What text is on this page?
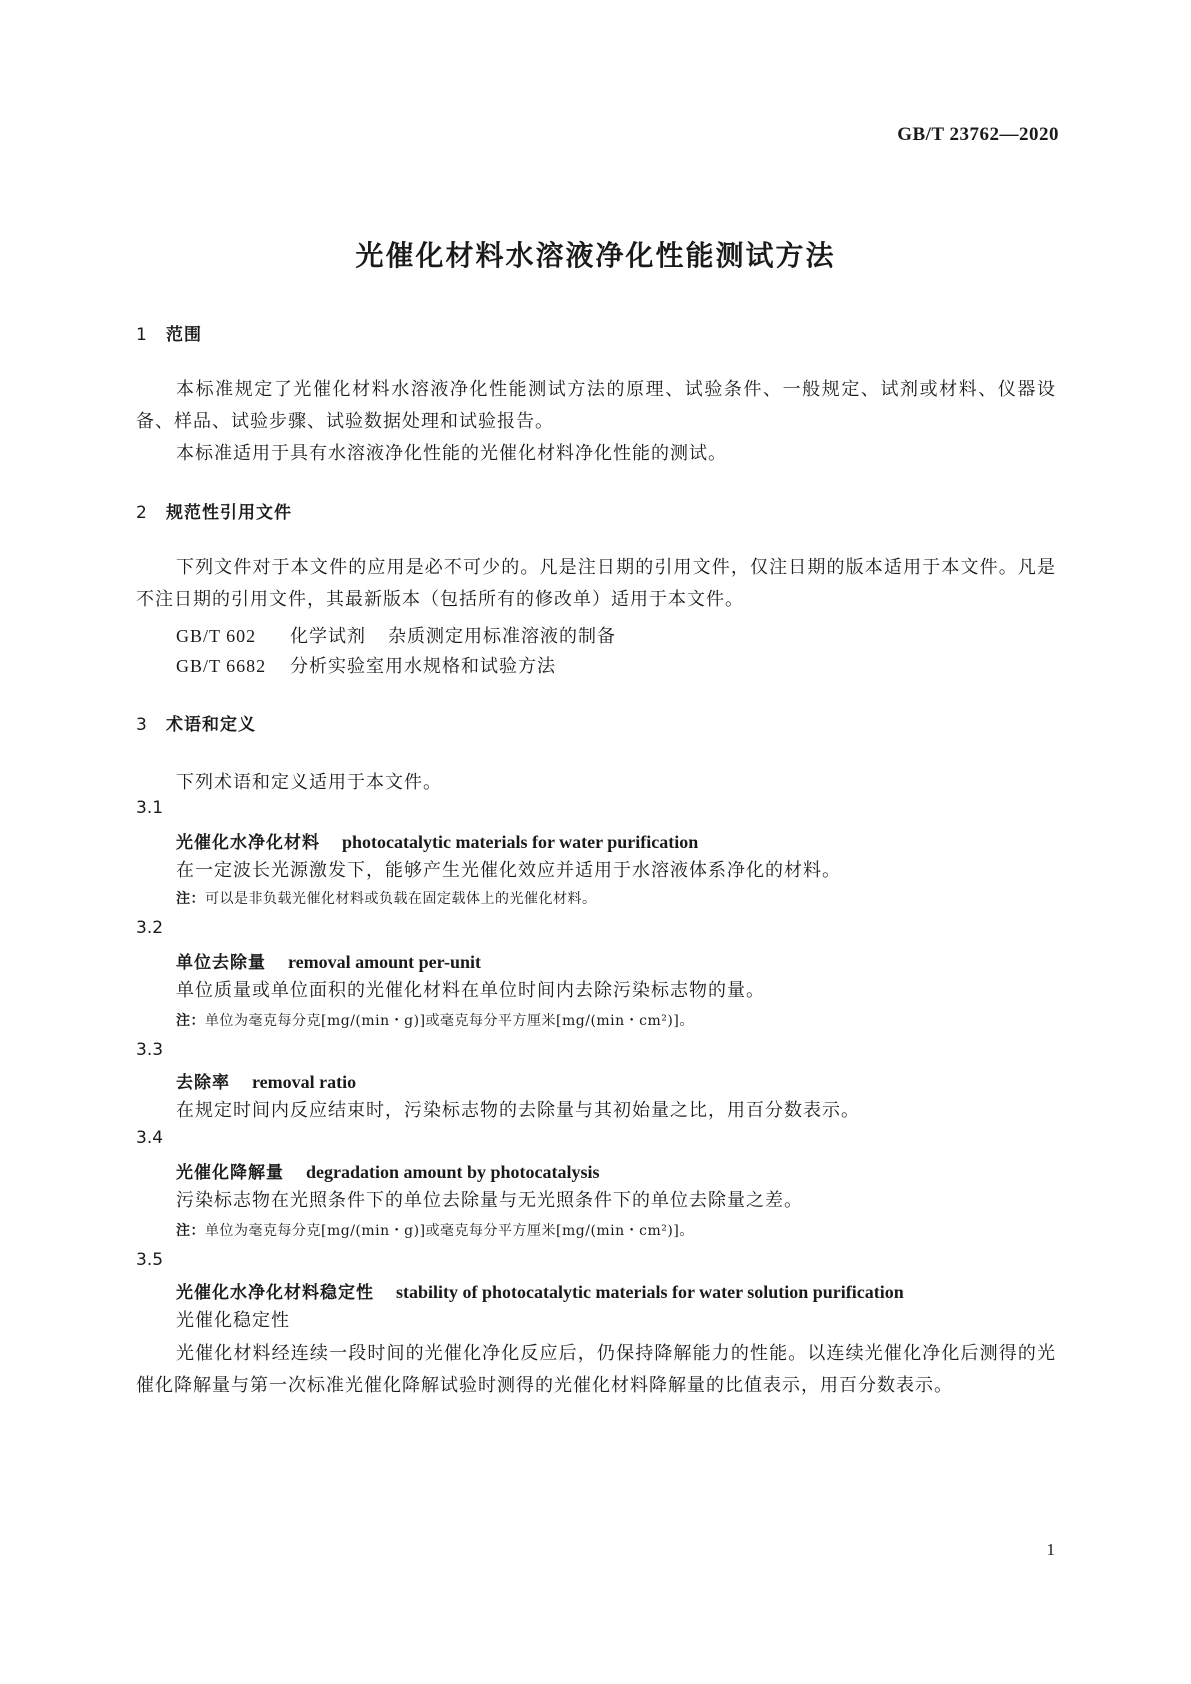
GB/T 23762—2020
光催化材料水溶液净化性能测试方法
1 范围
本标准规定了光催化材料水溶液净化性能测试方法的原理、试验条件、一般规定、试剂或材料、仪器设备、样品、试验步骤、试验数据处理和试验报告。
本标准适用于具有水溶液净化性能的光催化材料净化性能的测试。
2 规范性引用文件
下列文件对于本文件的应用是必不可少的。凡是注日期的引用文件，仅注日期的版本适用于本文件。凡是不注日期的引用文件，其最新版本（包括所有的修改单）适用于本文件。
GB/T 602 化学试剂 杂质测定用标准溶液的制备
GB/T 6682 分析实验室用水规格和试验方法
3 术语和定义
下列术语和定义适用于本文件。
3.1
光催化水净化材料 photocatalytic materials for water purification
在一定波长光源激发下，能够产生光催化效应并适用于水溶液体系净化的材料。
注：可以是非负载光催化材料或负载在固定载体上的光催化材料。
3.2
单位去除量 removal amount per-unit
单位质量或单位面积的光催化材料在单位时间内去除污染标志物的量。
注：单位为毫克每分克[mg/(min・g)]或毫克每分平方厘米[mg/(min・cm²)]。
3.3
去除率 removal ratio
在规定时间内反应结束时，污染标志物的去除量与其初始量之比，用百分数表示。
3.4
光催化降解量 degradation amount by photocatalysis
污染标志物在光照条件下的单位去除量与无光照条件下的单位去除量之差。
注：单位为毫克每分克[mg/(min・g)]或毫克每分平方厘米[mg/(min・cm²)]。
3.5
光催化水净化材料稳定性 stability of photocatalytic materials for water solution purification
光催化稳定性
光催化材料经连续一段时间的光催化净化反应后，仍保持降解能力的性能。以连续光催化净化后测得的光催化降解量与第一次标准光催化降解试验时测得的光催化材料降解量的比值表示，用百分数表示。
1
